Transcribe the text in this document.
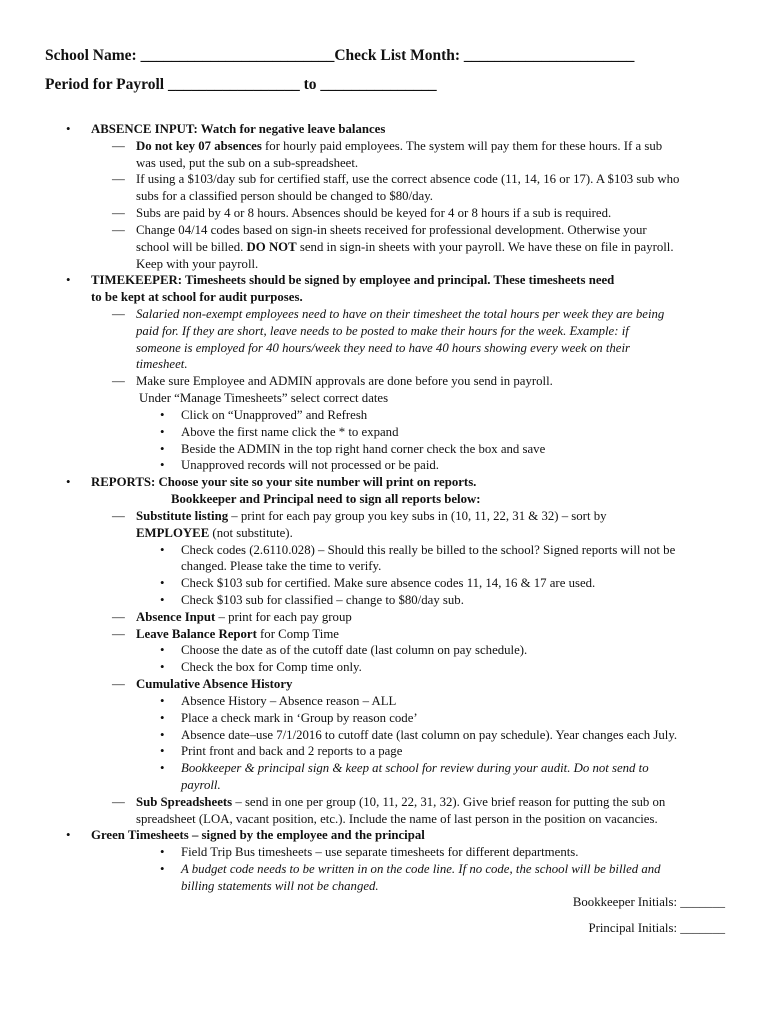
School Name: _________________________Check List Month: ______________________
Period for Payroll _________________ to _______________
• ABSENCE INPUT: Watch for negative leave balances
— Do not key 07 absences for hourly paid employees. The system will pay them for these hours. If a sub
was used, put the sub on a sub-spreadsheet.
— If using a $103/day sub for certified staff, use the correct absence code (11, 14, 16 or 17). A $103 sub who
subs for a classified person should be changed to $80/day.
— Subs are paid by 4 or 8 hours. Absences should be keyed for 4 or 8 hours if a sub is required.
— Change 04/14 codes based on sign-in sheets received for professional development. Otherwise your
school will be billed. DO NOT send in sign-in sheets with your payroll. We have these on file in payroll.
Keep with your payroll.
• TIMEKEEPER: Timesheets should be signed by employee and principal. These timesheets need
to be kept at school for audit purposes.
— Salaried non-exempt employees need to have on their timesheet the total hours per week they are being
paid for. If they are short, leave needs to be posted to make their hours for the week. Example: if
someone is employed for 40 hours/week they need to have 40 hours showing every week on their
timesheet.
— Make sure Employee and ADMIN approvals are done before you send in payroll.
Under “Manage Timesheets” select correct dates
• Click on “Unapproved” and Refresh
• Above the first name click the * to expand
• Beside the ADMIN in the top right hand corner check the box and save
• Unapproved records will not processed or be paid.
• REPORTS: Choose your site so your site number will print on reports.
Bookkeeper and Principal need to sign all reports below:
— Substitute listing – print for each pay group you key subs in (10, 11, 22, 31 & 32) – sort by
EMPLOYEE (not substitute).
• Check codes (2.6110.028) – Should this really be billed to the school? Signed reports will not be
changed. Please take the time to verify.
• Check $103 sub for certified. Make sure absence codes 11, 14, 16 & 17 are used.
• Check $103 sub for classified – change to $80/day sub.
— Absence Input – print for each pay group
— Leave Balance Report for Comp Time
• Choose the date as of the cutoff date (last column on pay schedule).
• Check the box for Comp time only.
— Cumulative Absence History
• Absence History – Absence reason – ALL
• Place a check mark in ‘Group by reason code’
• Absence date–use 7/1/2016 to cutoff date (last column on pay schedule). Year changes each July.
• Print front and back and 2 reports to a page
• Bookkeeper & principal sign & keep at school for review during your audit. Do not send to
payroll.
— Sub Spreadsheets – send in one per group (10, 11, 22, 31, 32). Give brief reason for putting the sub on
spreadsheet (LOA, vacant position, etc.). Include the name of last person in the position on vacancies.
• Green Timesheets – signed by the employee and the principal
• Field Trip Bus timesheets – use separate timesheets for different departments.
• A budget code needs to be written in on the code line. If no code, the school will be billed and
billing statements will not be changed.
Bookkeeper Initials: _______
Principal Initials: _______
